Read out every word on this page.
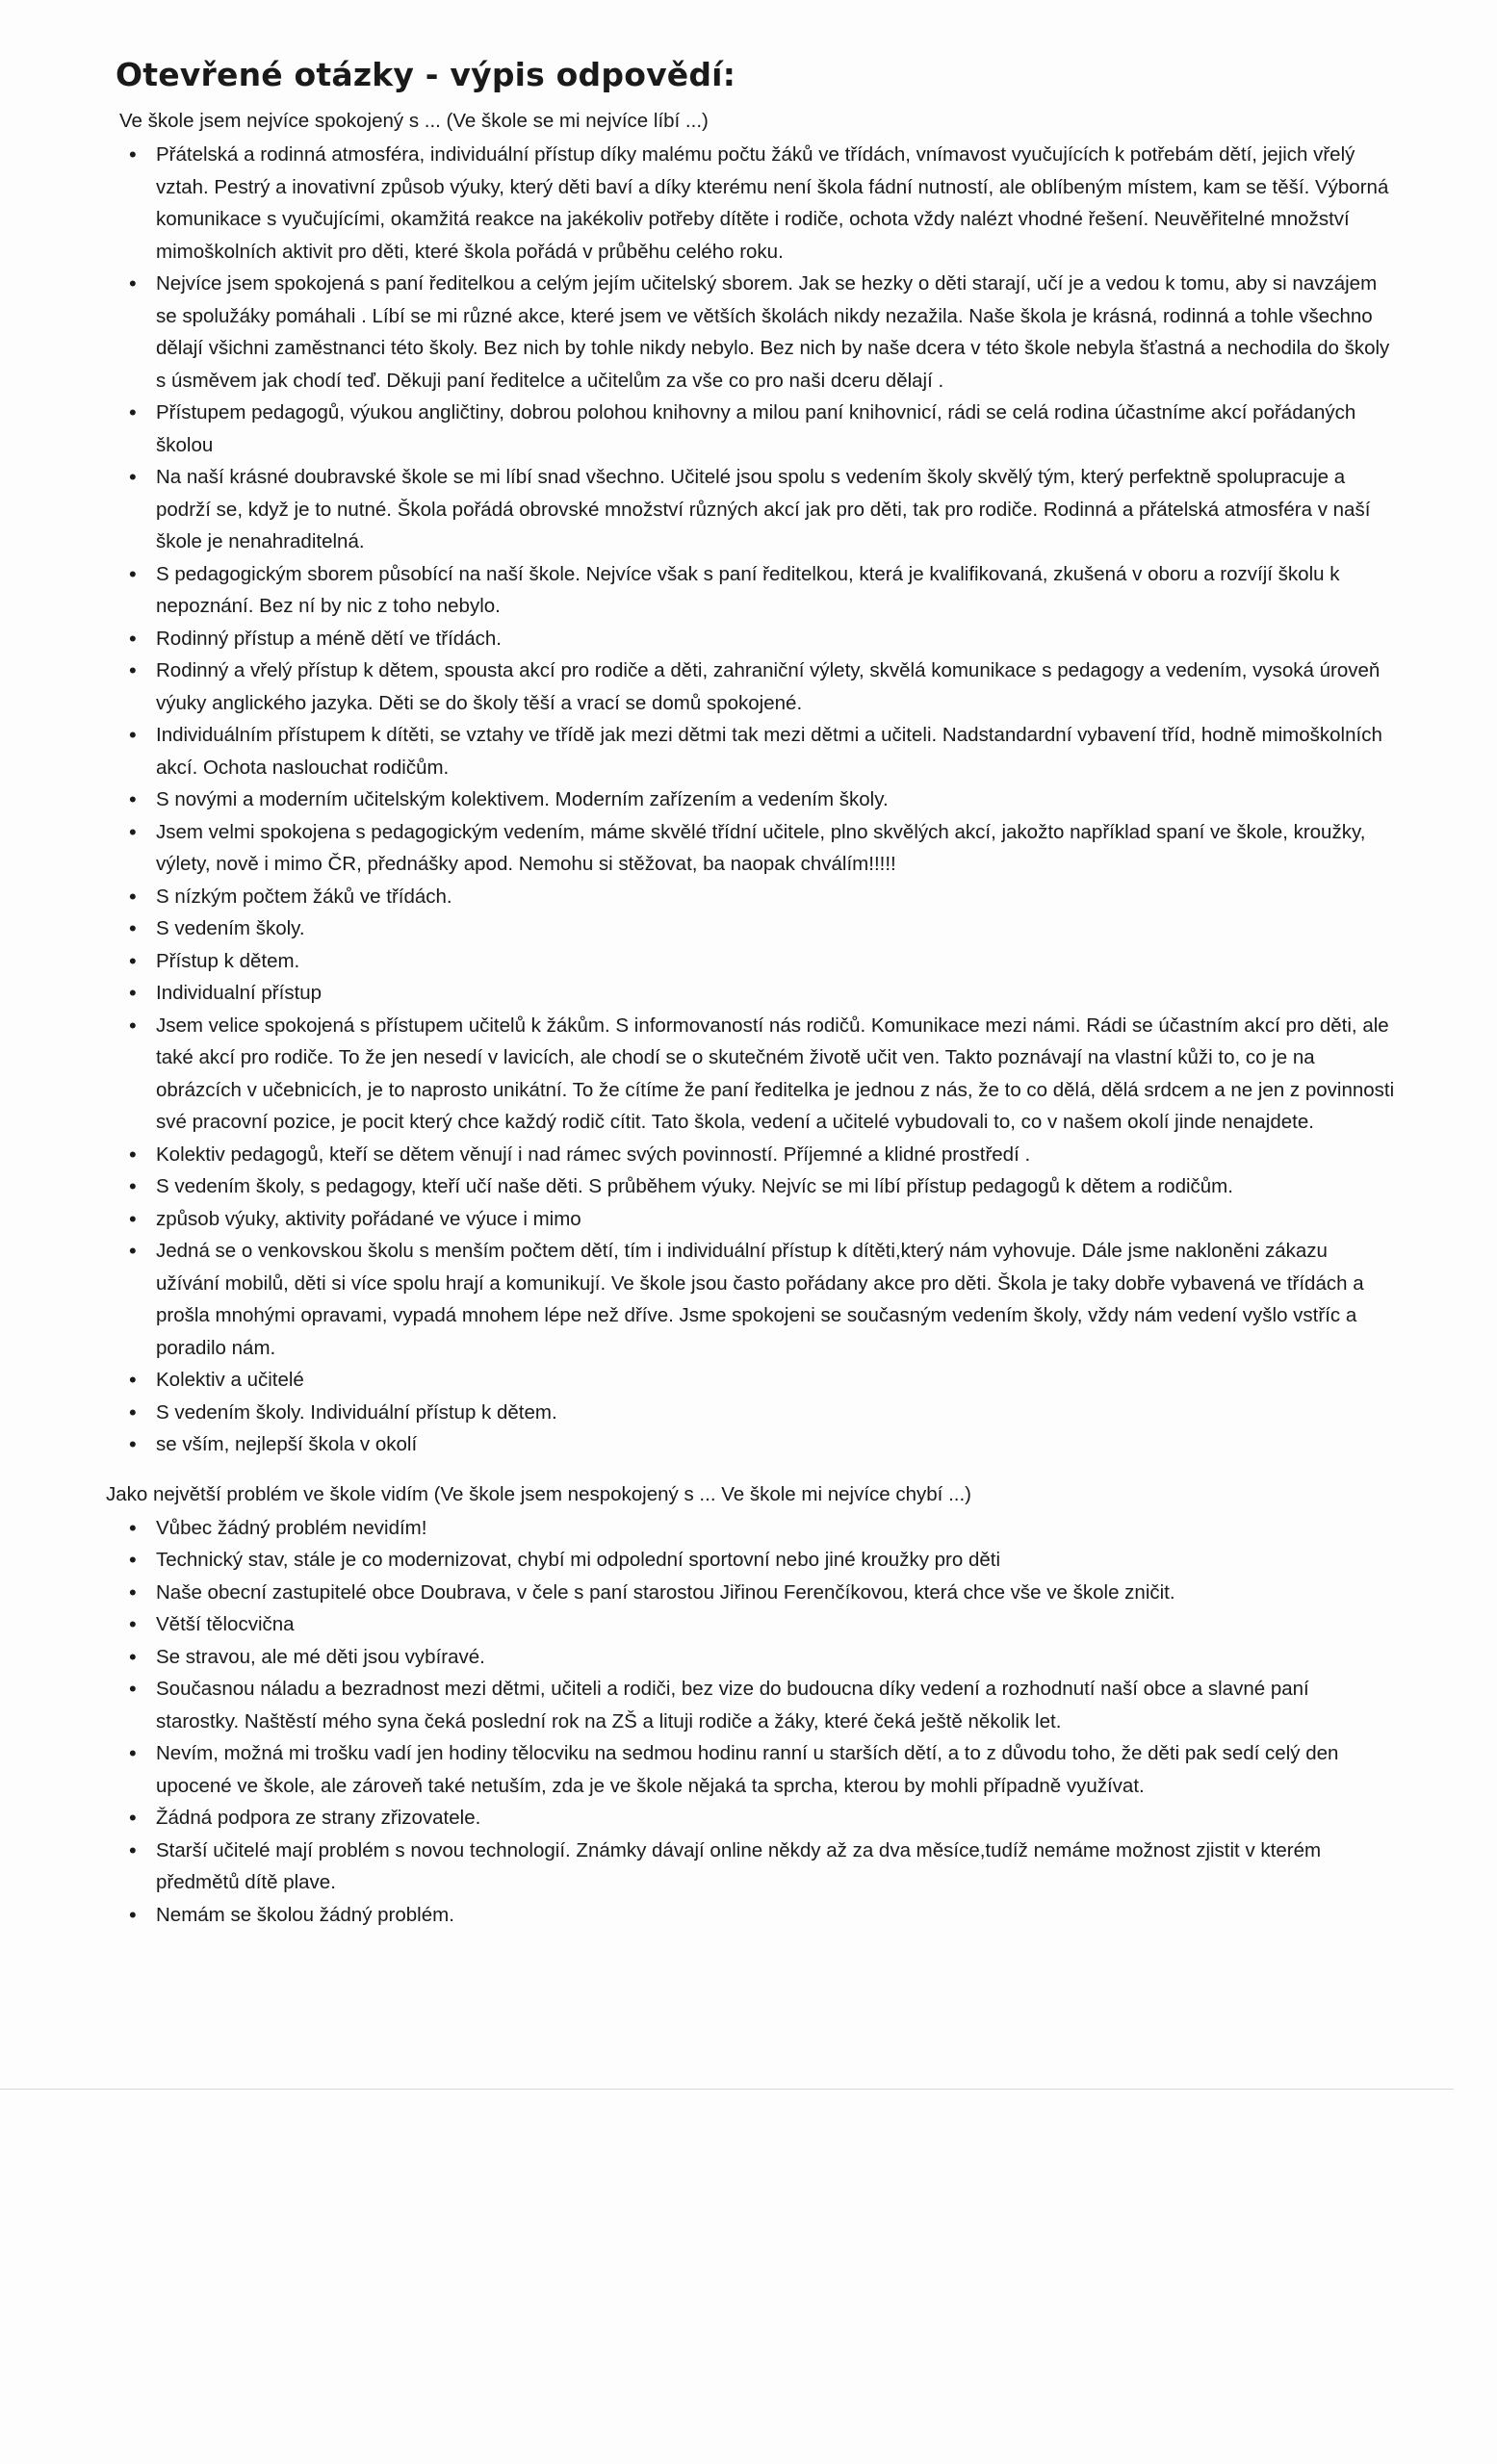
Otevřené otázky - výpis odpovědí:
Ve škole jsem nejvíce spokojený s ... (Ve škole se mi nejvíce líbí ...)
• Přátelská a rodinná atmosféra, individuální přístup díky malému počtu žáků ve třídách, vnímavost vyučujících k potřebám dětí, jejich vřelý vztah. Pestrý a inovativní způsob výuky, který děti baví a díky kterému není škola fádní nutností, ale oblíbeným místem, kam se těší. Výborná komunikace s vyučujícími, okamžitá reakce na jakékoliv potřeby dítěte i rodiče, ochota vždy nalézt vhodné řešení. Neuvěřitelné množství mimoškolních aktivit pro děti, které škola pořádá v průběhu celého roku.
• Nejvíce jsem spokojená s paní ředitelkou a celým jejím učitelský sborem. Jak se hezky o děti starají, učí je a vedou k tomu, aby si navzájem se spolužáky pomáhali . Líbí se mi různé akce, které jsem ve větších školách nikdy nezažila. Naše škola je krásná, rodinná a tohle všechno dělají všichni zaměstnanci této školy. Bez nich by tohle nikdy nebylo. Bez nich by naše dcera v této škole nebyla šťastná a nechodila do školy s úsměvem jak chodí teď. Děkuji paní ředitelce a učitelům za vše co pro naši dceru dělají .
• Přístupem pedagogů, výukou angličtiny, dobrou polohou knihovny a milou paní knihovnicí, rádi se celá rodina účastníme akcí pořádaných školou
• Na naší krásné doubravské škole se mi líbí snad všechno. Učitelé jsou spolu s vedením školy skvělý tým, který perfektně spolupracuje a podrží se, když je to nutné. Škola pořádá obrovské množství různých akcí jak pro děti, tak pro rodiče. Rodinná a přátelská atmosféra v naší škole je nenahraditelná.
• S pedagogickým sborem působící na naší škole. Nejvíce však s paní ředitelkou, která je kvalifikovaná, zkušená v oboru a rozvíjí školu k nepoznání. Bez ní by nic z toho nebylo.
• Rodinný přístup a méně dětí ve třídách.
• Rodinný a vřelý přístup k dětem, spousta akcí pro rodiče a děti, zahraniční výlety, skvělá komunikace s pedagogy a vedením, vysoká úroveň výuky anglického jazyka. Děti se do školy těší a vrací se domů spokojené.
• Individuálním přístupem k dítěti, se vztahy ve třídě jak mezi dětmi tak mezi dětmi a učiteli. Nadstandardní vybavení tříd, hodně mimoškolních akcí. Ochota naslouchat rodičům.
• S novými a moderním učitelským kolektivem. Moderním zařízením a vedením školy.
• Jsem velmi spokojena s pedagogickým vedením, máme skvělé třídní učitele, plno skvělých akcí, jakožto například spaní ve škole, kroužky, výlety, nově i mimo ČR, přednášky apod. Nemohu si stěžovat, ba naopak chválím!!!!!
• S nízkým počtem žáků ve třídách.
• S vedením školy.
• Přístup k dětem.
• Individualní přístup
• Jsem velice spokojená s přístupem učitelů k žákům. S informovaností nás rodičů. Komunikace mezi námi. Rádi se účastním akcí pro děti, ale také akcí pro rodiče. To že jen nesedí v lavicích, ale chodí se o skutečném životě učit ven. Takto poznávají na vlastní kůži to, co je na obrázcích v učebnicích, je to naprosto unikátní. To že cítíme že paní ředitelka je jednou z nás, že to co dělá, dělá srdcem a ne jen z povinnosti své pracovní pozice, je pocit který chce každý rodič cítit. Tato škola, vedení a učitelé vybudovali to, co v našem okolí jinde nenajdete.
• Kolektiv pedagogů, kteří se dětem věnují i nad rámec svých povinností. Příjemné a klidné prostředí .
• S vedením školy, s pedagogy, kteří učí naše děti. S průběhem výuky. Nejvíc se mi líbí přístup pedagogů k dětem a rodičům.
• způsob výuky, aktivity pořádané ve výuce i mimo
• Jedná se o venkovskou školu s menším počtem dětí, tím i individuální přístup k dítěti,který nám vyhovuje. Dále jsme nakloněni zákazu užívání mobilů, děti si více spolu hrají a komunikují. Ve škole jsou často pořádany akce pro děti. Škola je taky dobře vybavená ve třídách a prošla mnohými opravami, vypadá mnohem lépe než dříve. Jsme spokojeni se současným vedením školy, vždy nám vedení vyšlo vstříc a poradilo nám.
• Kolektiv a učitelé
• S vedením školy. Individuální přístup k dětem.
• se vším, nejlepší škola v okolí
Jako největší problém ve škole vidím (Ve škole jsem nespokojený s ... Ve škole mi nejvíce chybí ...)
• Vůbec žádný problém nevidím!
• Technický stav, stále je co modernizovat, chybí mi odpolední sportovní nebo jiné kroužky pro děti
• Naše obecní zastupitelé obce Doubrava, v čele s paní starostou Jiřinou Ferenčíkovou, která chce vše ve škole zničit.
• Větší tělocvična
• Se stravou, ale mé děti jsou vybíravé.
• Současnou náladu a bezradnost mezi dětmi, učiteli a rodiči, bez vize do budoucna díky vedení a rozhodnutí naší obce a slavné paní starostky. Naštěstí mého syna čeká poslední rok na ZŠ a lituji rodiče a žáky, které čeká ještě několik let.
• Nevím, možná mi trošku vadí jen hodiny tělocviku na sedmou hodinu ranní u starších dětí, a to z důvodu toho, že děti pak sedí celý den upocené ve škole, ale zároveň také netuším, zda je ve škole nějaká ta sprcha, kterou by mohli případně využívat.
• Žádná podpora ze strany zřizovatele.
• Starší učitelé mají problém s novou technologií. Známky dávají online někdy až za dva měsíce,tudíž nemáme možnost zjistit v kterém předmětů dítě plave.
• Nemám se školou žádný problém.
